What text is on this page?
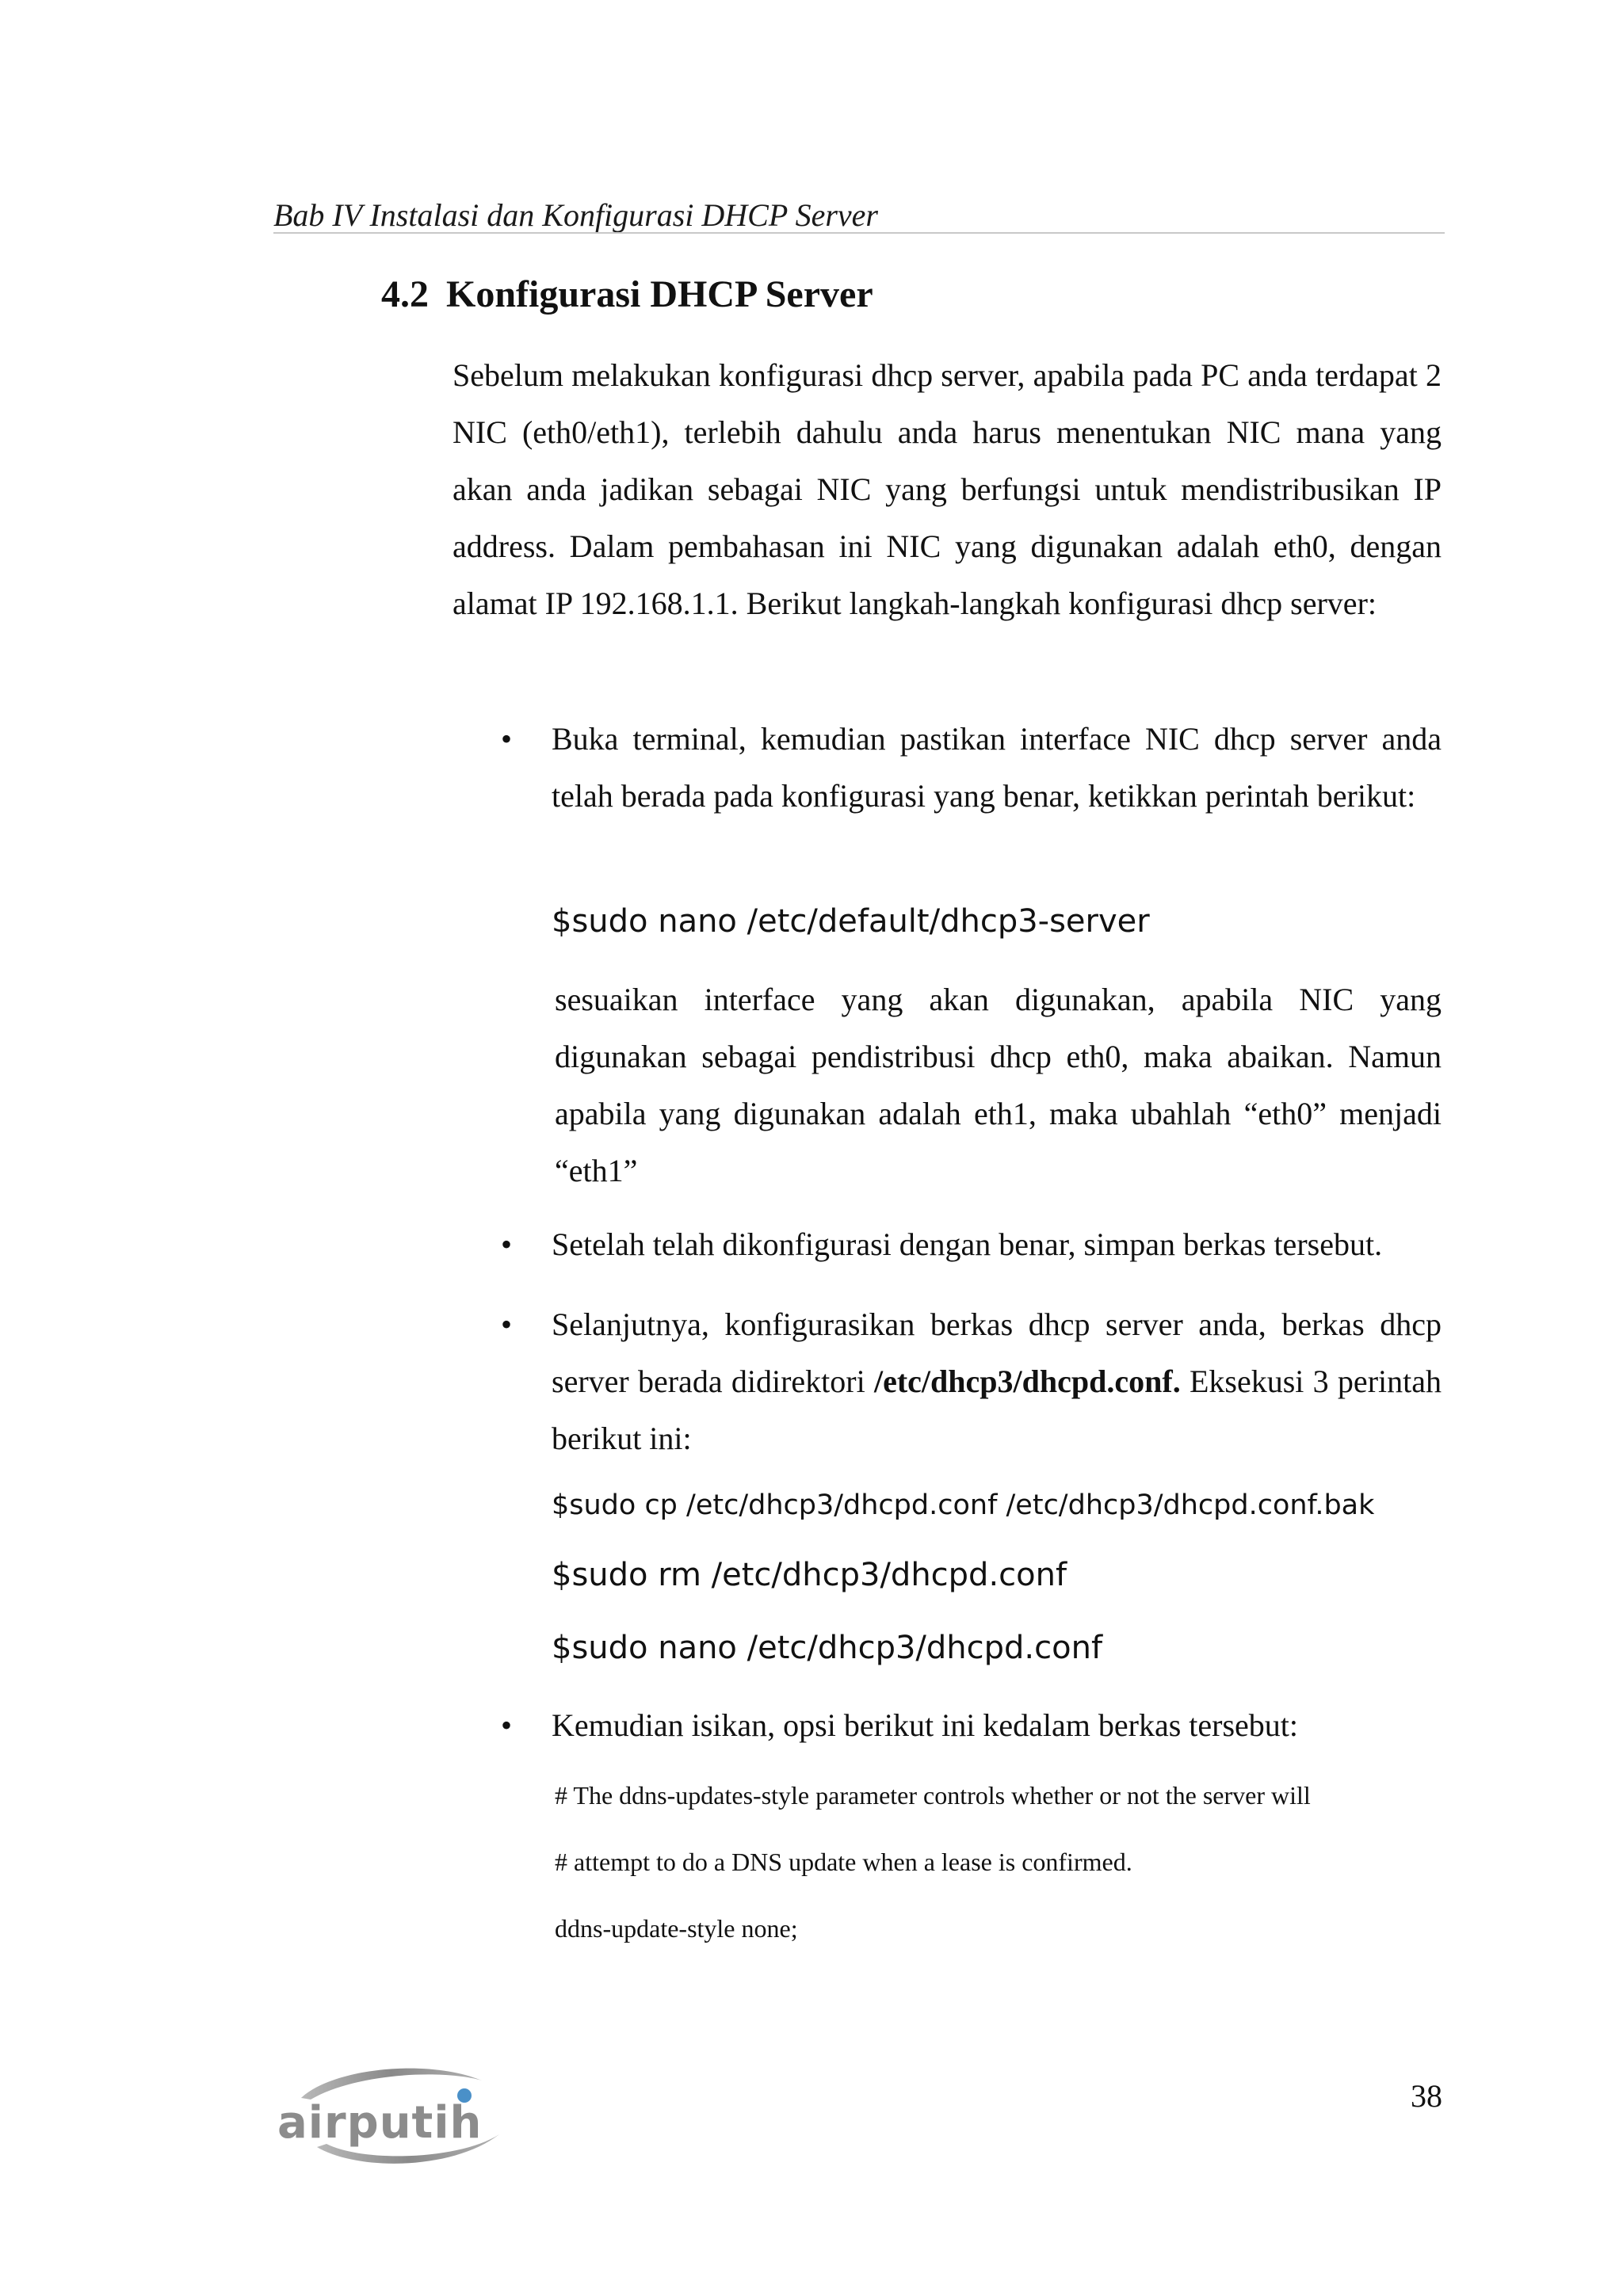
Bab IV Instalasi dan Konfigurasi DHCP Server
4.2 Konfigurasi DHCP Server

Sebelum melakukan konfigurasi dhcp server, apabila pada PC anda terdapat 2 NIC (eth0/eth1), terlebih dahulu anda harus menentukan NIC mana yang akan anda jadikan sebagai NIC yang berfungsi untuk mendistribusikan IP address. Dalam pembahasan ini NIC yang digunakan adalah eth0, dengan alamat IP 192.168.1.1. Berikut langkah-langkah konfigurasi dhcp server:

• Buka terminal, kemudian pastikan interface NIC dhcp server anda telah berada pada konfigurasi yang benar, ketikkan perintah berikut:

$sudo nano /etc/default/dhcp3-server

sesuaikan interface yang akan digunakan, apabila NIC yang digunakan sebagai pendistribusi dhcp eth0, maka abaikan. Namun apabila yang digunakan adalah eth1, maka ubahlah “eth0” menjadi “eth1”

• Setelah telah dikonfigurasi dengan benar, simpan berkas tersebut.

• Selanjutnya, konfigurasikan berkas dhcp server anda, berkas dhcp server berada didirektori /etc/dhcp3/dhcpd.conf. Eksekusi 3 perintah berikut ini:

$sudo cp /etc/dhcp3/dhcpd.conf /etc/dhcp3/dhcpd.conf.bak
$sudo rm /etc/dhcp3/dhcpd.conf
$sudo nano /etc/dhcp3/dhcpd.conf
• Kemudian isikan, opsi berikut ini kedalam berkas tersebut:

# The ddns-updates-style parameter controls whether or not the server will
# attempt to do a DNS update when a lease is confirmed.
ddns-update-style none;
38
airputih
